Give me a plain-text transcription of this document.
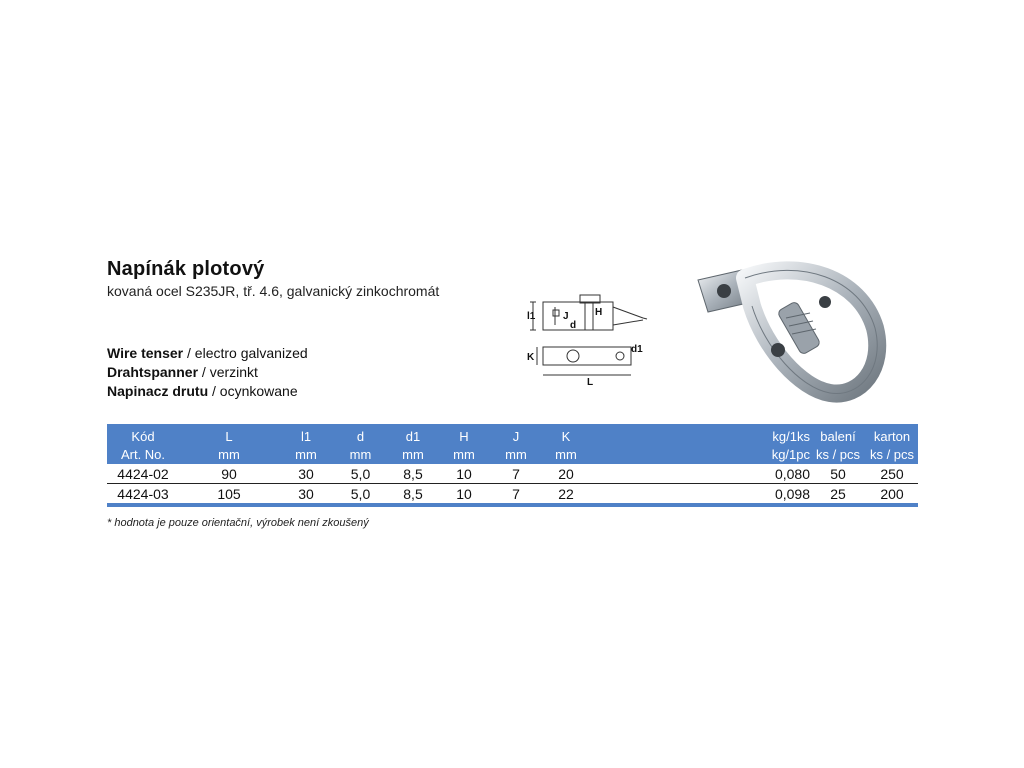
Napínák plotový
kovaná ocel S235JR, tř. 4.6, galvanický zinkochromát
Wire tenser / electro galvanized
Drahtspanner / verzinkt
Napinacz drutu / ocynkowane
l1	J
d
H
K
d1
L
Kód	L	l1	d	d1	H	J	K		kg/1ks	balení	karton
Art. No.	mm	mm	mm	mm	mm	mm	mm		kg/1pc	ks / pcs	ks / pcs
4424-02	90	30	5,0	8,5	10	7	20		0,080	50	250
4424-03	105	30	5,0	8,5	10	7	22		0,098	25	200
* hodnota je pouze orientační, výrobek není zkoušený
